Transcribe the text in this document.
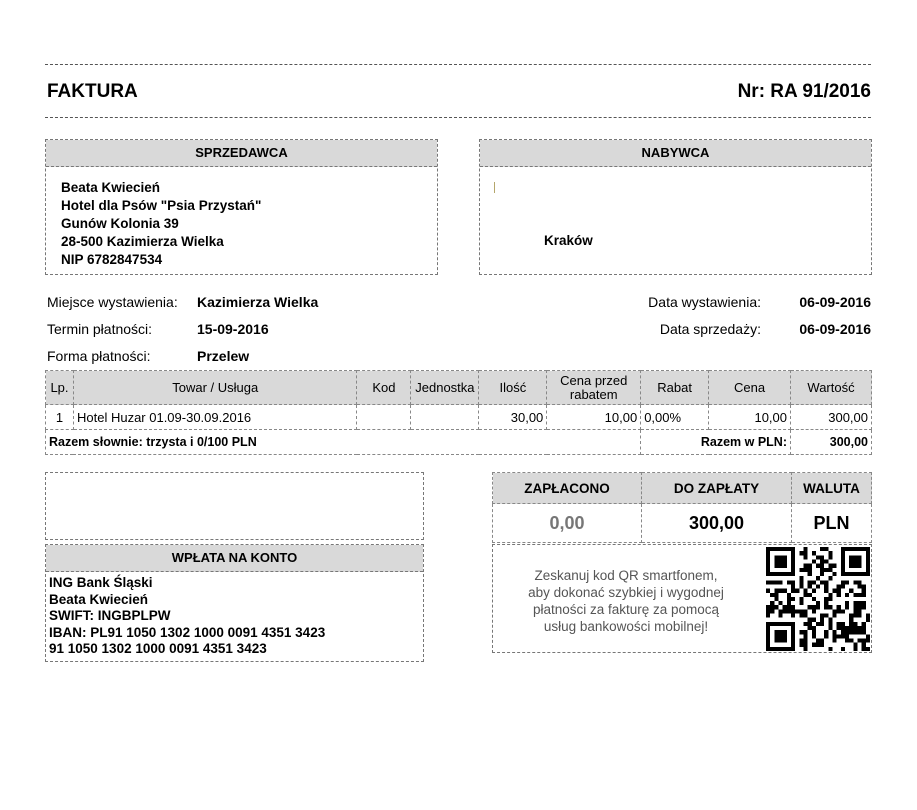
FAKTURA	Nr: RA 91/2016
SPRZEDAWCA
Beata Kwiecień
Hotel dla Psów "Psia Przystań"
Gunów Kolonia 39
28-500 Kazimierza Wielka
NIP 6782847534
NABYWCA
Kraków
Miejsce wystawienia: Kazimierza Wielka
Termin płatności:	15-09-2016
Forma płatności:	Przelew
Data wystawienia:	06-09-2016
Data sprzedaży:	06-09-2016
Lp.	Towar / Usługa	Kod	Jednostka	Ilość	Cena przed rabatem	Rabat	Cena	Wartość
1	Hotel Huzar 01.09-30.09.2016			30,00	10,00	0,00%	10,00	300,00
Razem słownie: trzysta i 0/100 PLN						Razem w PLN:		300,00
WPŁATA NA KONTO
ING Bank Śląski
Beata Kwiecień
SWIFT: INGBPLPW
IBAN: PL91 1050 1302 1000 0091 4351 3423
91 1050 1302 1000 0091 4351 3423
ZAPŁACONO	DO ZAPŁATY	WALUTA
0,00	300,00	PLN
Zeskanuj kod QR smartfonem,
aby dokonać szybkiej i wygodnej
płatności za fakturę za pomocą
usług bankowości mobilnej!
